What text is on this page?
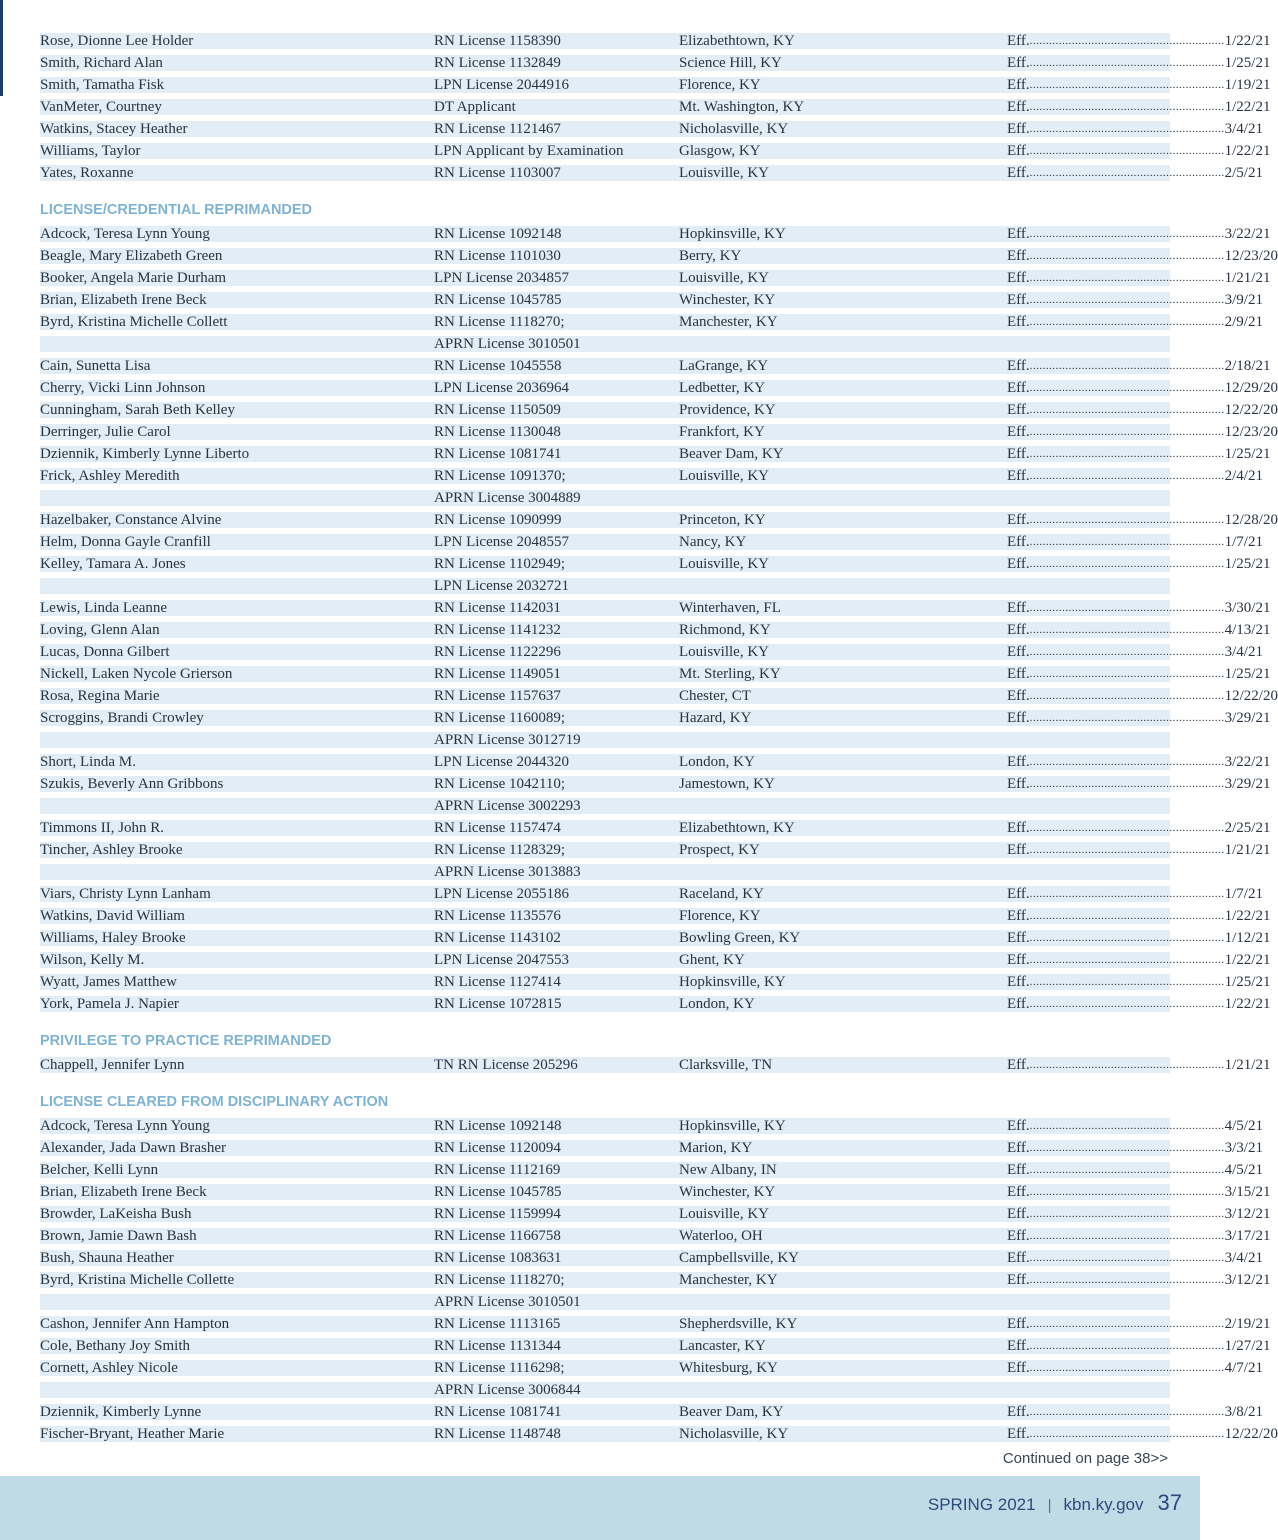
Rose, Dionne Lee Holder	RN License 1158390	Elizabethtown, KY	Eff. ............................................................ 1/22/21
Smith, Richard Alan	RN License 1132849	Science Hill, KY	Eff. ............................................................ 1/25/21
Smith, Tamatha Fisk	LPN License 2044916	Florence, KY	Eff. ............................................................ 1/19/21
VanMeter, Courtney	DT Applicant	Mt. Washington, KY	Eff. ............................................................ 1/22/21
Watkins, Stacey Heather	RN License 1121467	Nicholasville, KY	Eff. ............................................................ 3/4/21
Williams, Taylor	LPN Applicant by Examination	Glasgow, KY	Eff. ............................................................ 1/22/21
Yates, Roxanne	RN License 1103007	Louisville, KY	Eff. ............................................................ 2/5/21
LICENSE/CREDENTIAL REPRIMANDED
Adcock, Teresa Lynn Young	RN License 1092148	Hopkinsville, KY	Eff. ............................................................ 3/22/21
Beagle, Mary Elizabeth Green	RN License 1101030	Berry, KY	Eff. ............................................................ 12/23/20
Booker, Angela Marie Durham	LPN License 2034857	Louisville, KY	Eff. ............................................................ 1/21/21
Brian, Elizabeth Irene Beck	RN License 1045785	Winchester, KY	Eff. ............................................................ 3/9/21
Byrd, Kristina Michelle Collett	RN License 1118270;	Manchester, KY	Eff. ............................................................ 2/9/21
APRN License 3010501
Cain, Sunetta Lisa	RN License 1045558	LaGrange, KY	Eff. ............................................................ 2/18/21
Cherry, Vicki Linn Johnson	LPN License 2036964	Ledbetter, KY	Eff. ............................................................ 12/29/20
Cunningham, Sarah Beth Kelley	RN License 1150509	Providence, KY	Eff. ............................................................ 12/22/20
Derringer, Julie Carol	RN License 1130048	Frankfort, KY	Eff. ............................................................ 12/23/20
Dziennik, Kimberly Lynne Liberto	RN License 1081741	Beaver Dam, KY	Eff. ............................................................ 1/25/21
Frick, Ashley Meredith	RN License 1091370;	Louisville, KY	Eff. ............................................................ 2/4/21
APRN License 3004889
Hazelbaker, Constance Alvine	RN License 1090999	Princeton, KY	Eff. ............................................................ 12/28/20
Helm, Donna Gayle Cranfill	LPN License 2048557	Nancy, KY	Eff. ............................................................ 1/7/21
Kelley, Tamara A. Jones	RN License 1102949;	Louisville, KY	Eff. ............................................................ 1/25/21
LPN License 2032721
Lewis, Linda Leanne	RN License 1142031	Winterhaven, FL	Eff. ............................................................ 3/30/21
Loving, Glenn Alan	RN License 1141232	Richmond, KY	Eff. ............................................................ 4/13/21
Lucas, Donna Gilbert	RN License 1122296	Louisville, KY	Eff. ............................................................ 3/4/21
Nickell, Laken Nycole Grierson	RN License 1149051	Mt. Sterling, KY	Eff. ............................................................ 1/25/21
Rosa, Regina Marie	RN License 1157637	Chester, CT	Eff. ............................................................ 12/22/20
Scroggins, Brandi Crowley	RN License 1160089;	Hazard, KY	Eff. ............................................................ 3/29/21
APRN License 3012719
Short, Linda M.	LPN License 2044320	London, KY	Eff. ............................................................ 3/22/21
Szukis, Beverly Ann Gribbons	RN License 1042110;	Jamestown, KY	Eff. ............................................................ 3/29/21
APRN License 3002293
Timmons II, John R.	RN License 1157474	Elizabethtown, KY	Eff. ............................................................ 2/25/21
Tincher, Ashley Brooke	RN License 1128329;	Prospect, KY	Eff. ............................................................ 1/21/21
APRN License 3013883
Viars, Christy Lynn Lanham	LPN License 2055186	Raceland, KY	Eff. ............................................................ 1/7/21
Watkins, David William	RN License 1135576	Florence, KY	Eff. ............................................................ 1/22/21
Williams, Haley Brooke	RN License 1143102	Bowling Green, KY	Eff. ............................................................ 1/12/21
Wilson, Kelly M.	LPN License 2047553	Ghent, KY	Eff. ............................................................ 1/22/21
Wyatt, James Matthew	RN License 1127414	Hopkinsville, KY	Eff. ............................................................ 1/25/21
York, Pamela J. Napier	RN License 1072815	London, KY	Eff. ............................................................ 1/22/21
PRIVILEGE TO PRACTICE REPRIMANDED
Chappell, Jennifer Lynn	TN RN License 205296	Clarksville, TN	Eff. ............................................................ 1/21/21
LICENSE CLEARED FROM DISCIPLINARY ACTION
Adcock, Teresa Lynn Young	RN License 1092148	Hopkinsville, KY	Eff. ............................................................ 4/5/21
Alexander, Jada Dawn Brasher	RN License 1120094	Marion, KY	Eff. ............................................................ 3/3/21
Belcher, Kelli Lynn	RN License 1112169	New Albany, IN	Eff. ............................................................ 4/5/21
Brian, Elizabeth Irene Beck	RN License 1045785	Winchester, KY	Eff. ............................................................ 3/15/21
Browder, LaKeisha Bush	RN License 1159994	Louisville, KY	Eff. ............................................................ 3/12/21
Brown, Jamie Dawn Bash	RN License 1166758	Waterloo, OH	Eff. ............................................................ 3/17/21
Bush, Shauna Heather	RN License 1083631	Campbellsville, KY	Eff. ............................................................ 3/4/21
Byrd, Kristina Michelle Collette	RN License 1118270;	Manchester, KY	Eff. ............................................................ 3/12/21
APRN License 3010501
Cashon, Jennifer Ann Hampton	RN License 1113165	Shepherdsville, KY	Eff. ............................................................ 2/19/21
Cole, Bethany Joy Smith	RN License 1131344	Lancaster, KY	Eff. ............................................................ 1/27/21
Cornett, Ashley Nicole	RN License 1116298;	Whitesburg, KY	Eff. ............................................................ 4/7/21
APRN License 3006844
Dziennik, Kimberly Lynne	RN License 1081741	Beaver Dam, KY	Eff. ............................................................ 3/8/21
Fischer-Bryant, Heather Marie	RN License 1148748	Nicholasville, KY	Eff. ............................................................ 12/22/20
Continued on page 38>>
SPRING 2021 | kbn.ky.gov 37
